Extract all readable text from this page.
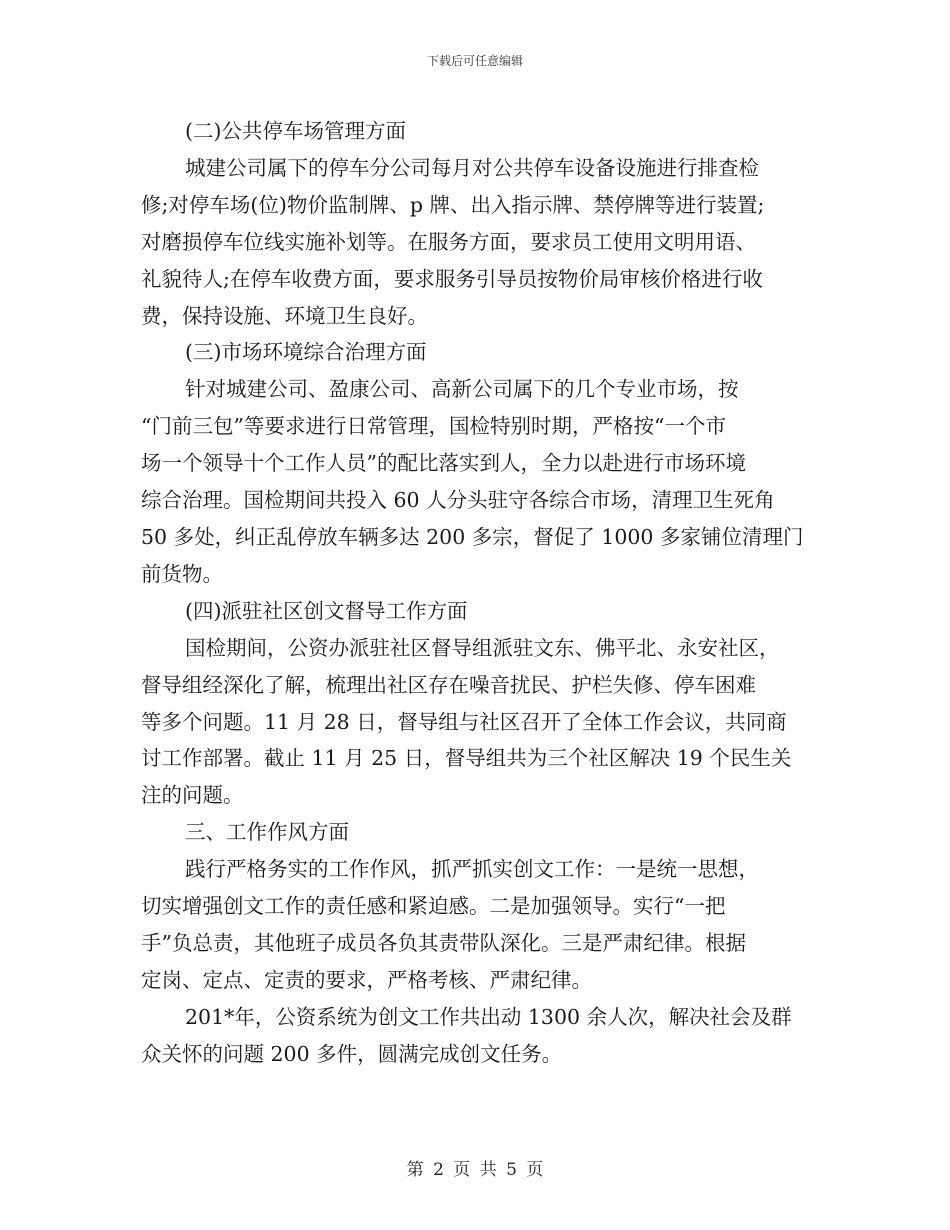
下载后可任意编辑

(二)公共停车场管理方面

城建公司属下的停车分公司每月对公共停车设备设施进行排查检

修;对停车场(位)物价监制牌、p 牌、出入指示牌、禁停牌等进行装置;

对磨损停车位线实施补划等。在服务方面，要求员工使用文明用语、

礼貌待人;在停车收费方面，要求服务引导员按物价局审核价格进行收

费，保持设施、环境卫生良好。

(三)市场环境综合治理方面

针对城建公司、盈康公司、高新公司属下的几个专业市场，按

“门前三包”等要求进行日常管理，国检特别时期，严格按“一个市

场一个领导十个工作人员”的配比落实到人，全力以赴进行市场环境

综合治理。国检期间共投入 60 人分头驻守各综合市场，清理卫生死角

50 多处，纠正乱停放车辆多达 200 多宗，督促了 1000 多家铺位清理门

前货物。

(四)派驻社区创文督导工作方面

国检期间，公资办派驻社区督导组派驻文东、佛平北、永安社区，

督导组经深化了解，梳理出社区存在噪音扰民、护栏失修、停车困难

等多个问题。11 月 28 日，督导组与社区召开了全体工作会议，共同商

讨工作部署。截止 11 月 25 日，督导组共为三个社区解决 19 个民生关

注的问题。

三、工作作风方面

践行严格务实的工作作风，抓严抓实创文工作：一是统一思想，

切实增强创文工作的责任感和紧迫感。二是加强领导。实行“一把

手”负总责，其他班子成员各负其责带队深化。三是严肃纪律。根据

定岗、定点、定责的要求，严格考核、严肃纪律。

201*年，公资系统为创文工作共出动 1300 余人次，解决社会及群

众关怀的问题 200 多件，圆满完成创文任务。

第 2 页 共 5 页
